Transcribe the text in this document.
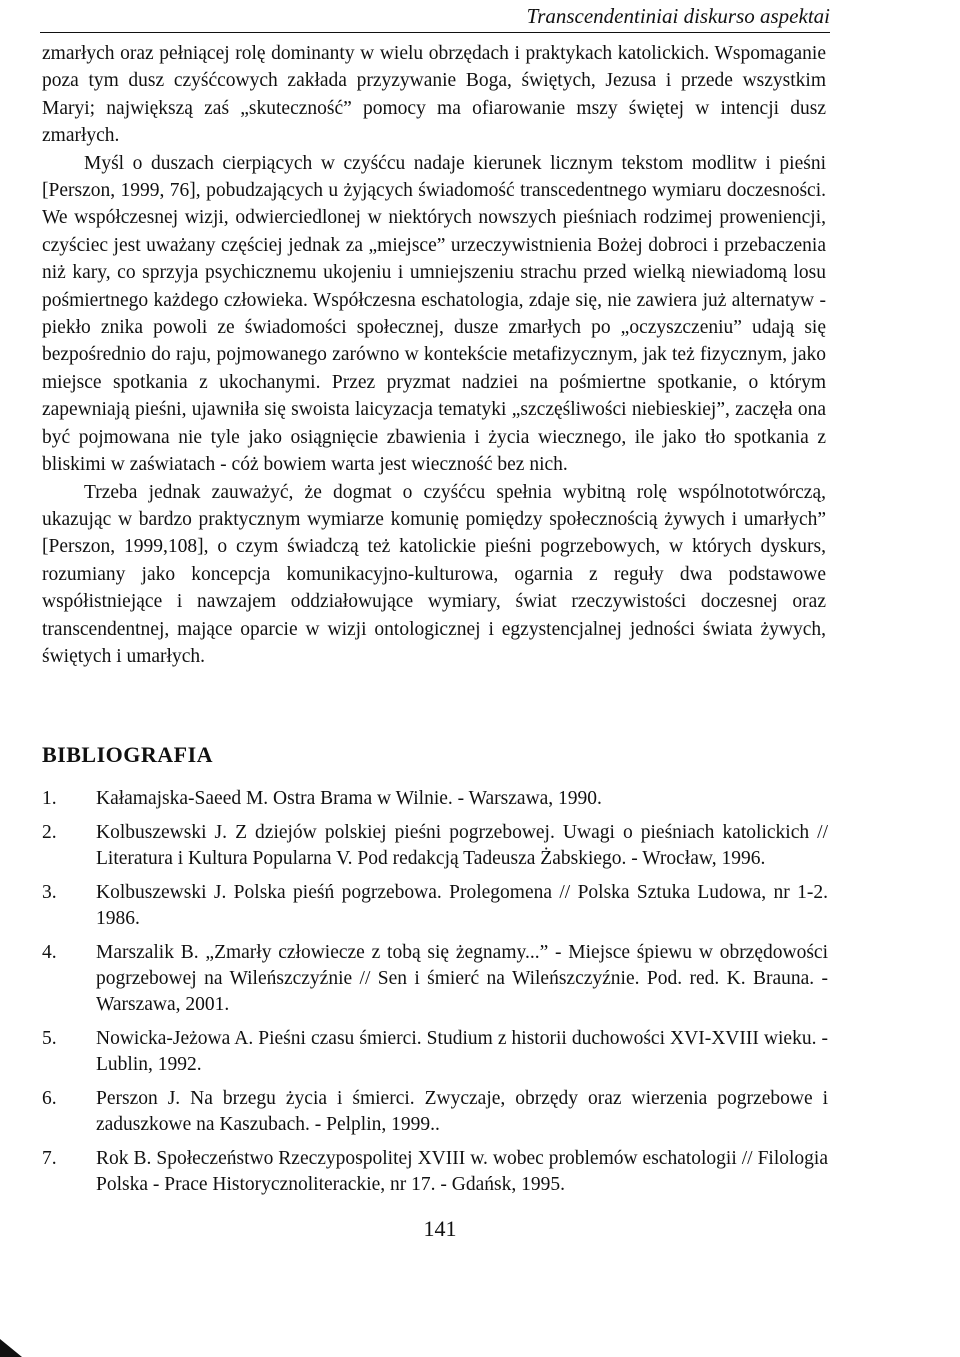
Transcendentiniai diskurso aspektai

zmarłych oraz pełniącej rolę dominanty w wielu obrzędach i praktykach katolickich. Wspomaganie poza tym dusz czyśćcowych zakłada przyzywanie Boga, świętych, Jezusa i przede wszystkim Maryi; największą zaś „skuteczność” pomocy ma ofiarowanie mszy świętej w intencji dusz zmarłych.

Myśl o duszach cierpiących w czyśćcu nadaje kierunek licznym tekstom modlitw i pieśni [Perszon, 1999, 76], pobudzających u żyjących świadomość transcedentnego wymiaru doczesności. We współczesnej wizji, odwierciedlonej w niektórych nowszych pieśniach rodzimej proweniencji, czyściec jest uważany częściej jednak za „miejsce” urzeczywistnienia Bożej dobroci i przebaczenia niż kary, co sprzyja psychicznemu ukojeniu i umniejszeniu strachu przed wielką niewiadomą losu pośmiertnego każdego człowieka. Współczesna eschatologia, zdaje się, nie zawiera już alternatyw - piekło znika powoli ze świadomości społecznej, dusze zmarłych po „oczyszczeniu” udają się bezpośrednio do raju, pojmowanego zarówno w kontekście metafizycznym, jak też fizycznym, jako miejsce spotkania z ukochanymi. Przez pryzmat nadziei na pośmiertne spotkanie, o którym zapewniają pieśni, ujawniła się swoista laicyzacja tematyki „szczęśliwości niebieskiej”, zaczęła ona być pojmowana nie tyle jako osiągnięcie zbawienia i życia wiecznego, ile jako tło spotkania z bliskimi w zaświatach - cóż bowiem warta jest wieczność bez nich.

Trzeba jednak zauważyć, że dogmat o czyśćcu spełnia wybitną rolę wspólnototwórczą, ukazując w bardzo praktycznym wymiarze komunię pomiędzy społecznością żywych i umarłych” [Perszon, 1999,108], o czym świadczą też katolickie pieśni pogrzebowych, w których dyskurs, rozumiany jako koncepcja komunikacyjno-kulturowa, ogarnia z reguły dwa podstawowe współistniejące i nawzajem oddziałowujące wymiary, świat rzeczywistości doczesnej oraz transcendentnej, mające oparcie w wizji ontologicznej i egzystencjalnej jedności świata żywych, świętych i umarłych.

BIBLIOGRAFIA
1. Kałamajska-Saeed M. Ostra Brama w Wilnie. - Warszawa, 1990.
2. Kolbuszewski J. Z dziejów polskiej pieśni pogrzebowej. Uwagi o pieśniach katolickich // Literatura i Kultura Popularna V. Pod redakcją Tadeusza Żabskiego. - Wrocław, 1996.
3. Kolbuszewski J. Polska pieśń pogrzebowa. Prolegomena // Polska Sztuka Ludowa, nr 1-2. 1986.
4. Marszalik B. „Zmarły człowiecze z tobą się żegnamy...” - Miejsce śpiewu w obrzędowości pogrzebowej na Wileńszczyźnie // Sen i śmierć na Wileńszczyźnie. Pod. red. K. Brauna. - Warszawa, 2001.
5. Nowicka-Jeżowa A. Pieśni czasu śmierci. Studium z historii duchowości XVI-XVIII wieku. - Lublin, 1992.
6. Perszon J. Na brzegu życia i śmierci. Zwyczaje, obrzędy oraz wierzenia pogrzebowe i zaduszkowe na Kaszubach. - Pelplin, 1999..
7. Rok B. Społeczeństwo Rzeczypospolitej XVIII w. wobec problemów eschatologii // Filologia Polska - Prace Historycznoliterackie, nr 17. - Gdańsk, 1995.
141
